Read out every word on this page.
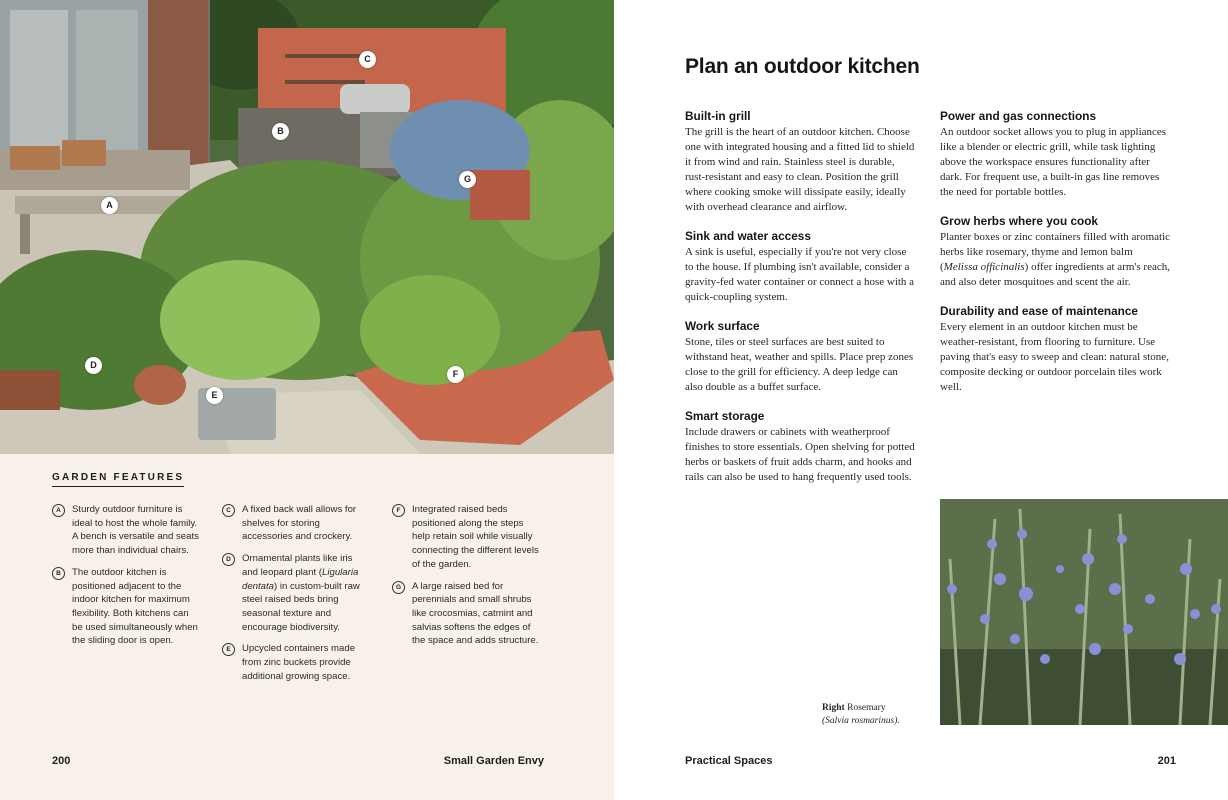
A
B
C
D
E
F
G
GARDEN FEATURES
A	Sturdy outdoor furniture is ideal to host the whole family. A bench is versatile and seats more than individual chairs.
B	The outdoor kitchen is positioned adjacent to the indoor kitchen for maximum flexibility. Both kitchens can be used simultaneously when the sliding door is open.
C	A fixed back wall allows for shelves for storing accessories and crockery.
D	Ornamental plants like iris and leopard plant (Ligularia dentata) in custom-built raw steel raised beds bring seasonal texture and encourage biodiversity.
E	Upcycled containers made from zinc buckets provide additional growing space.
F	Integrated raised beds positioned along the steps help retain soil while visually connecting the different levels of the garden.
G	A large raised bed for perennials and small shrubs like crocosmias, catmint and salvias softens the edges of the space and adds structure.
200	Small Garden Envy
Plan an outdoor kitchen
Built-in grill

The grill is the heart of an outdoor kitchen. Choose one with integrated housing and a fitted lid to shield it from wind and rain. Stainless steel is durable, rust-resistant and easy to clean. Position the grill where cooking smoke will dissipate easily, ideally with overhead clearance and airflow.

Sink and water access

A sink is useful, especially if you're not very close to the house. If plumbing isn't available, consider a gravity-fed water container or connect a hose with a quick-coupling system.

Work surface

Stone, tiles or steel surfaces are best suited to withstand heat, weather and spills. Place prep zones close to the grill for efficiency. A deep ledge can also double as a buffet surface.

Smart storage

Include drawers or cabinets with weatherproof finishes to store essentials. Open shelving for potted herbs or baskets of fruit adds charm, and hooks and rails can also be used to hang frequently used tools.

Power and gas connections

An outdoor socket allows you to plug in appliances like a blender or electric grill, while task lighting above the workspace ensures functionality after dark. For frequent use, a built-in gas line removes the need for portable bottles.

Grow herbs where you cook

Planter boxes or zinc containers filled with aromatic herbs like rosemary, thyme and lemon balm (Melissa officinalis) offer ingredients at arm's reach, and also deter mosquitoes and scent the air.

Durability and ease of maintenance

Every element in an outdoor kitchen must be weather-resistant, from flooring to furniture. Use paving that's easy to sweep and clean: natural stone, composite decking or outdoor porcelain tiles work well.

Right Rosemary
(Salvia rosmarinus).
Practical Spaces	201
